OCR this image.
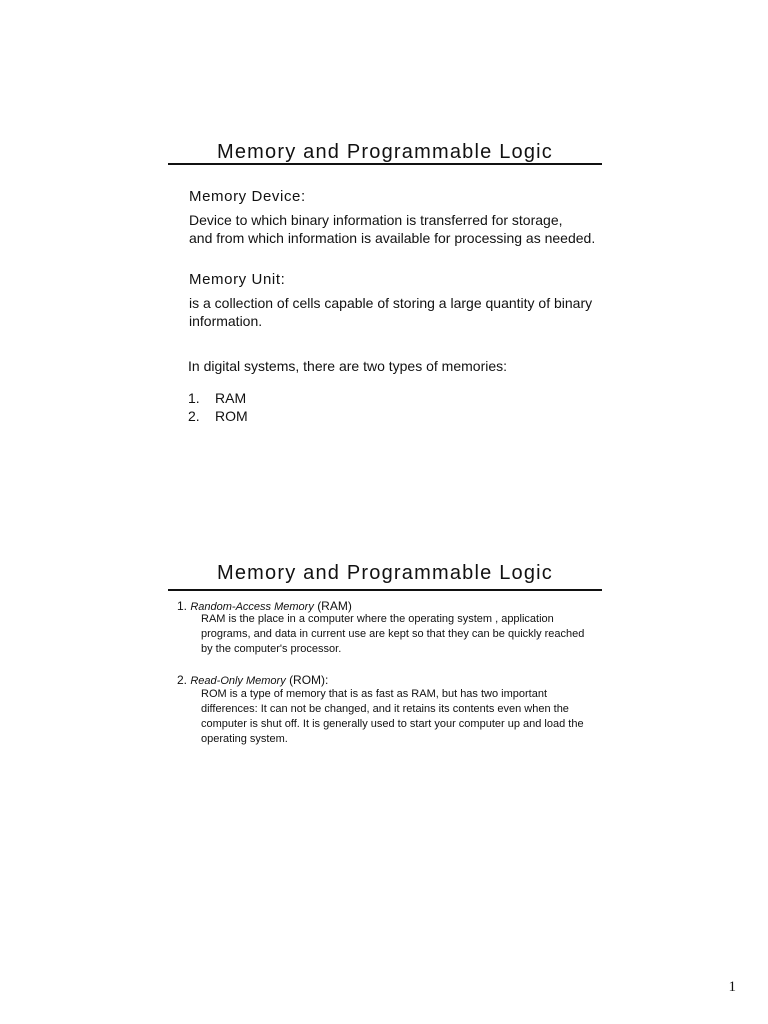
Memory and Programmable Logic
Memory Device:
Device to which binary information is transferred for storage,
and from which information is available for processing as needed.
Memory Unit:
is a collection of cells capable of storing a large quantity of binary
information.
In digital systems, there are two types of memories:
1. RAM
2. ROM
Memory and Programmable Logic
1. Random-Access Memory (RAM)
RAM is the place in a computer where the operating system , application
programs, and data in current use are kept so that they can be quickly reached
by the computer's processor.
2. Read-Only Memory (ROM):
ROM is a type of memory that is as fast as RAM, but has two important
differences: It can not be changed, and it retains its contents even when the
computer is shut off. It is generally used to start your computer up and load the
operating system.
1
